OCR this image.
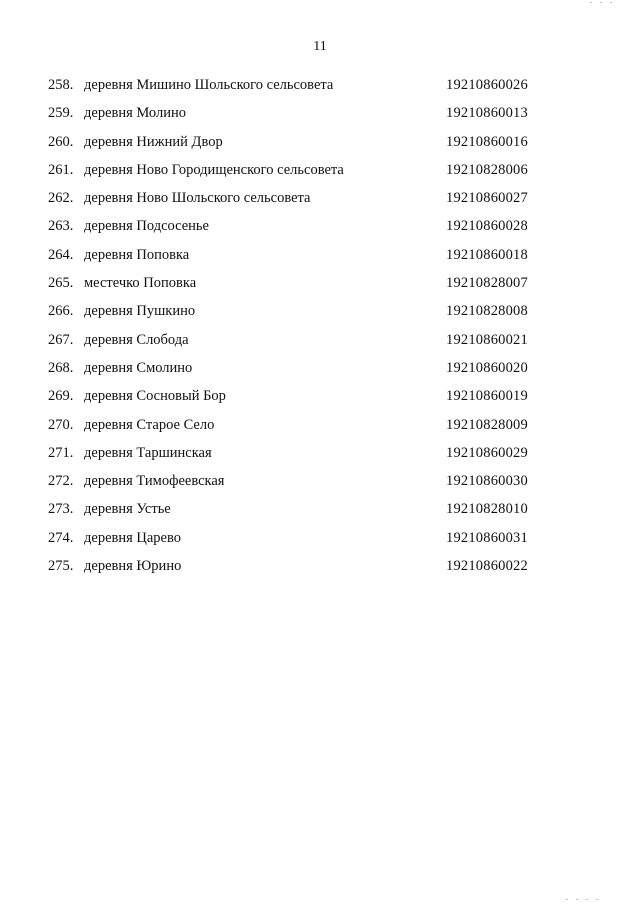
. . .
11
258. деревня Мишино Шольского сельсовета	19210860026
259. деревня Молино	19210860013
260. деревня Нижний Двор	19210860016
261. деревня Ново Городищенского сельсовета	19210828006
262. деревня Ново Шольского сельсовета	19210860027
263. деревня Подсосенье	19210860028
264. деревня Поповка	19210860018
265. местечко Поповка	19210828007
266. деревня Пушкино	19210828008
267. деревня Слобода	19210860021
268. деревня Смолино	19210860020
269. деревня Сосновый Бор	19210860019
270. деревня Старое Село	19210828009
271. деревня Таршинская	19210860029
272. деревня Тимофеевская	19210860030
273. деревня Устье	19210828010
274. деревня Царево	19210860031
275. деревня Юрино	19210860022
. . . .
